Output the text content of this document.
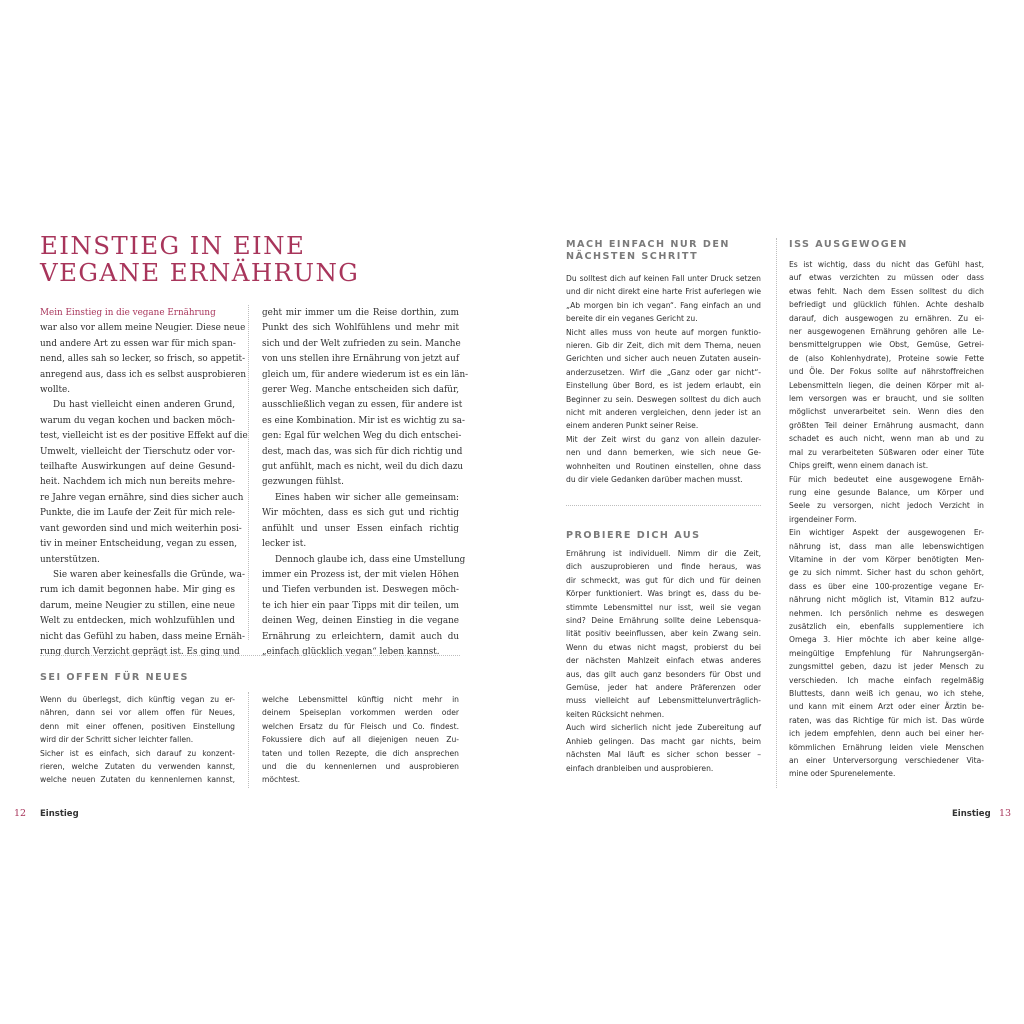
EINSTIEG IN EINE
VEGANE ERNÄHRUNG
Mein Einstieg in die vegane Ernährung
war also vor allem meine Neugier. Diese neue
und andere Art zu essen war für mich span-
nend, alles sah so lecker, so frisch, so appetit-
anregend aus, dass ich es selbst ausprobieren
wollte.
Du hast vielleicht einen anderen Grund,
warum du vegan kochen und backen möch-
test, vielleicht ist es der positive Effekt auf die
Umwelt, vielleicht der Tierschutz oder vor-
teilhafte Auswirkungen auf deine Gesund-
heit. Nachdem ich mich nun bereits mehre-
re Jahre vegan ernähre, sind dies sicher auch
Punkte, die im Laufe der Zeit für mich rele-
vant geworden sind und mich weiterhin posi-
tiv in meiner Entscheidung, vegan zu essen,
unterstützen.
Sie waren aber keinesfalls die Gründe, wa-
rum ich damit begonnen habe. Mir ging es
darum, meine Neugier zu stillen, eine neue
Welt zu entdecken, mich wohlzufühlen und
nicht das Gefühl zu haben, dass meine Ernäh-
rung durch Verzicht geprägt ist. Es ging und
geht mir immer um die Reise dorthin, zum
Punkt des sich Wohlfühlens und mehr mit
sich und der Welt zufrieden zu sein. Manche
von uns stellen ihre Ernährung von jetzt auf
gleich um, für andere wiederum ist es ein län-
gerer Weg. Manche entscheiden sich dafür,
ausschließlich vegan zu essen, für andere ist
es eine Kombination. Mir ist es wichtig zu sa-
gen: Egal für welchen Weg du dich entschei-
dest, mach das, was sich für dich richtig und
gut anfühlt, mach es nicht, weil du dich dazu
gezwungen fühlst.
Eines haben wir sicher alle gemeinsam:
Wir möchten, dass es sich gut und richtig
anfühlt und unser Essen einfach richtig
lecker ist.
Dennoch glaube ich, dass eine Umstellung
immer ein Prozess ist, der mit vielen Höhen
und Tiefen verbunden ist. Deswegen möch-
te ich hier ein paar Tipps mit dir teilen, um
deinen Weg, deinen Einstieg in die vegane
Ernährung zu erleichtern, damit auch du
„einfach glücklich vegan“ leben kannst.
SEI OFFEN FÜR NEUES
Wenn du überlegst, dich künftig vegan zu er-
nähren, dann sei vor allem offen für Neues,
denn mit einer offenen, positiven Einstellung
wird dir der Schritt sicher leichter fallen.
Sicher ist es einfach, sich darauf zu konzent-
rieren, welche Zutaten du verwenden kannst,
welche neuen Zutaten du kennenlernen kannst,
welche Lebensmittel künftig nicht mehr in
deinem Speiseplan vorkommen werden oder
welchen Ersatz du für Fleisch und Co. findest.
Fokussiere dich auf all diejenigen neuen Zu-
taten und tollen Rezepte, die dich ansprechen
und die du kennenlernen und ausprobieren
möchtest.
12 Einstieg
MACH EINFACH NUR DEN
NÄCHSTEN SCHRITT
Du solltest dich auf keinen Fall unter Druck setzen
und dir nicht direkt eine harte Frist auferlegen wie
„Ab morgen bin ich vegan“. Fang einfach an und
bereite dir ein veganes Gericht zu.
Nicht alles muss von heute auf morgen funktio-
nieren. Gib dir Zeit, dich mit dem Thema, neuen
Gerichten und sicher auch neuen Zutaten ausein-
anderzusetzen. Wirf die „Ganz oder gar nicht“-
Einstellung über Bord, es ist jedem erlaubt, ein
Beginner zu sein. Deswegen solltest du dich auch
nicht mit anderen vergleichen, denn jeder ist an
einem anderen Punkt seiner Reise.
Mit der Zeit wirst du ganz von allein dazuler-
nen und dann bemerken, wie sich neue Ge-
wohnheiten und Routinen einstellen, ohne dass
du dir viele Gedanken darüber machen musst.
PROBIERE DICH AUS
Ernährung ist individuell. Nimm dir die Zeit,
dich auszuprobieren und finde heraus, was
dir schmeckt, was gut für dich und für deinen
Körper funktioniert. Was bringt es, dass du be-
stimmte Lebensmittel nur isst, weil sie vegan
sind? Deine Ernährung sollte deine Lebensqua-
lität positiv beeinflussen, aber kein Zwang sein.
Wenn du etwas nicht magst, probierst du bei
der nächsten Mahlzeit einfach etwas anderes
aus, das gilt auch ganz besonders für Obst und
Gemüse, jeder hat andere Präferenzen oder
muss vielleicht auf Lebensmittelunverträglich-
keiten Rücksicht nehmen.
Auch wird sicherlich nicht jede Zubereitung auf
Anhieb gelingen. Das macht gar nichts, beim
nächsten Mal läuft es sicher schon besser –
einfach dranbleiben und ausprobieren.
ISS AUSGEWOGEN
Es ist wichtig, dass du nicht das Gefühl hast,
auf etwas verzichten zu müssen oder dass
etwas fehlt. Nach dem Essen solltest du dich
befriedigt und glücklich fühlen. Achte deshalb
darauf, dich ausgewogen zu ernähren. Zu ei-
ner ausgewogenen Ernährung gehören alle Le-
bensmittelgruppen wie Obst, Gemüse, Getrei-
de (also Kohlenhydrate), Proteine sowie Fette
und Öle. Der Fokus sollte auf nährstoffreichen
Lebensmitteln liegen, die deinen Körper mit al-
lem versorgen was er braucht, und sie sollten
möglichst unverarbeitet sein. Wenn dies den
größten Teil deiner Ernährung ausmacht, dann
schadet es auch nicht, wenn man ab und zu
mal zu verarbeiteten Süßwaren oder einer Tüte
Chips greift, wenn einem danach ist.
Für mich bedeutet eine ausgewogene Ernäh-
rung eine gesunde Balance, um Körper und
Seele zu versorgen, nicht jedoch Verzicht in
irgendeiner Form.
Ein wichtiger Aspekt der ausgewogenen Er-
nährung ist, dass man alle lebenswichtigen
Vitamine in der vom Körper benötigten Men-
ge zu sich nimmt. Sicher hast du schon gehört,
dass es über eine 100-prozentige vegane Er-
nährung nicht möglich ist, Vitamin B12 aufzu-
nehmen. Ich persönlich nehme es deswegen
zusätzlich ein, ebenfalls supplementiere ich
Omega 3. Hier möchte ich aber keine allge-
meingültige Empfehlung für Nahrungsergän-
zungsmittel geben, dazu ist jeder Mensch zu
verschieden. Ich mache einfach regelmäßig
Bluttests, dann weiß ich genau, wo ich stehe,
und kann mit einem Arzt oder einer Ärztin be-
raten, was das Richtige für mich ist. Das würde
ich jedem empfehlen, denn auch bei einer her-
kömmlichen Ernährung leiden viele Menschen
an einer Unterversorgung verschiedener Vita-
mine oder Spurenelemente.
Einstieg 13
